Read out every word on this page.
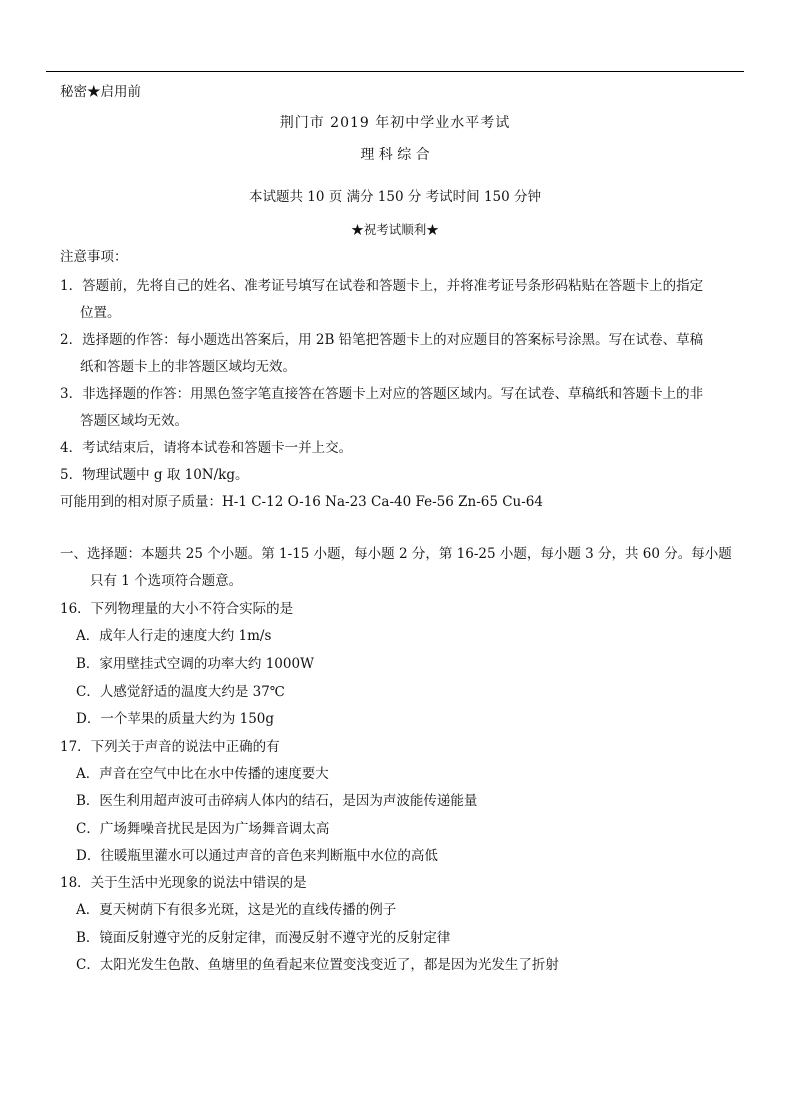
秘密★启用前
荆门市 2019 年初中学业水平考试
理 科 综 合
本试题共 10 页 满分 150 分 考试时间 150 分钟
★祝考试顺利★
注意事项：
1．答题前，先将自己的姓名、准考证号填写在试卷和答题卡上，并将准考证号条形码粘贴在答题卡上的指定
位置。
2．选择题的作答：每小题选出答案后，用 2B 铅笔把答题卡上的对应题目的答案标号涂黑。写在试卷、草稿
纸和答题卡上的非答题区域均无效。
3．非选择题的作答：用黑色签字笔直接答在答题卡上对应的答题区域内。写在试卷、草稿纸和答题卡上的非
答题区域均无效。
4．考试结束后，请将本试卷和答题卡一并上交。
5．物理试题中 g 取 10N/kg。
可能用到的相对原子质量：H-1 C-12 O-16 Na-23 Ca-40 Fe-56 Zn-65 Cu-64
一、选择题：本题共 25 个小题。第 1-15 小题，每小题 2 分，第 16-25 小题，每小题 3 分，共 60 分。每小题
只有 1 个选项符合题意。
16．下列物理量的大小不符合实际的是
A．成年人行走的速度大约 1m/s
B．家用壁挂式空调的功率大约 1000W
C．人感觉舒适的温度大约是 37℃
D．一个苹果的质量大约为 150g
17．下列关于声音的说法中正确的有
A．声音在空气中比在水中传播的速度要大
B．医生利用超声波可击碎病人体内的结石，是因为声波能传递能量
C．广场舞噪音扰民是因为广场舞音调太高
D．往暖瓶里灌水可以通过声音的音色来判断瓶中水位的高低
18．关于生活中光现象的说法中错误的是
A．夏天树荫下有很多光斑，这是光的直线传播的例子
B．镜面反射遵守光的反射定律，而漫反射不遵守光的反射定律
C．太阳光发生色散、鱼塘里的鱼看起来位置变浅变近了，都是因为光发生了折射
